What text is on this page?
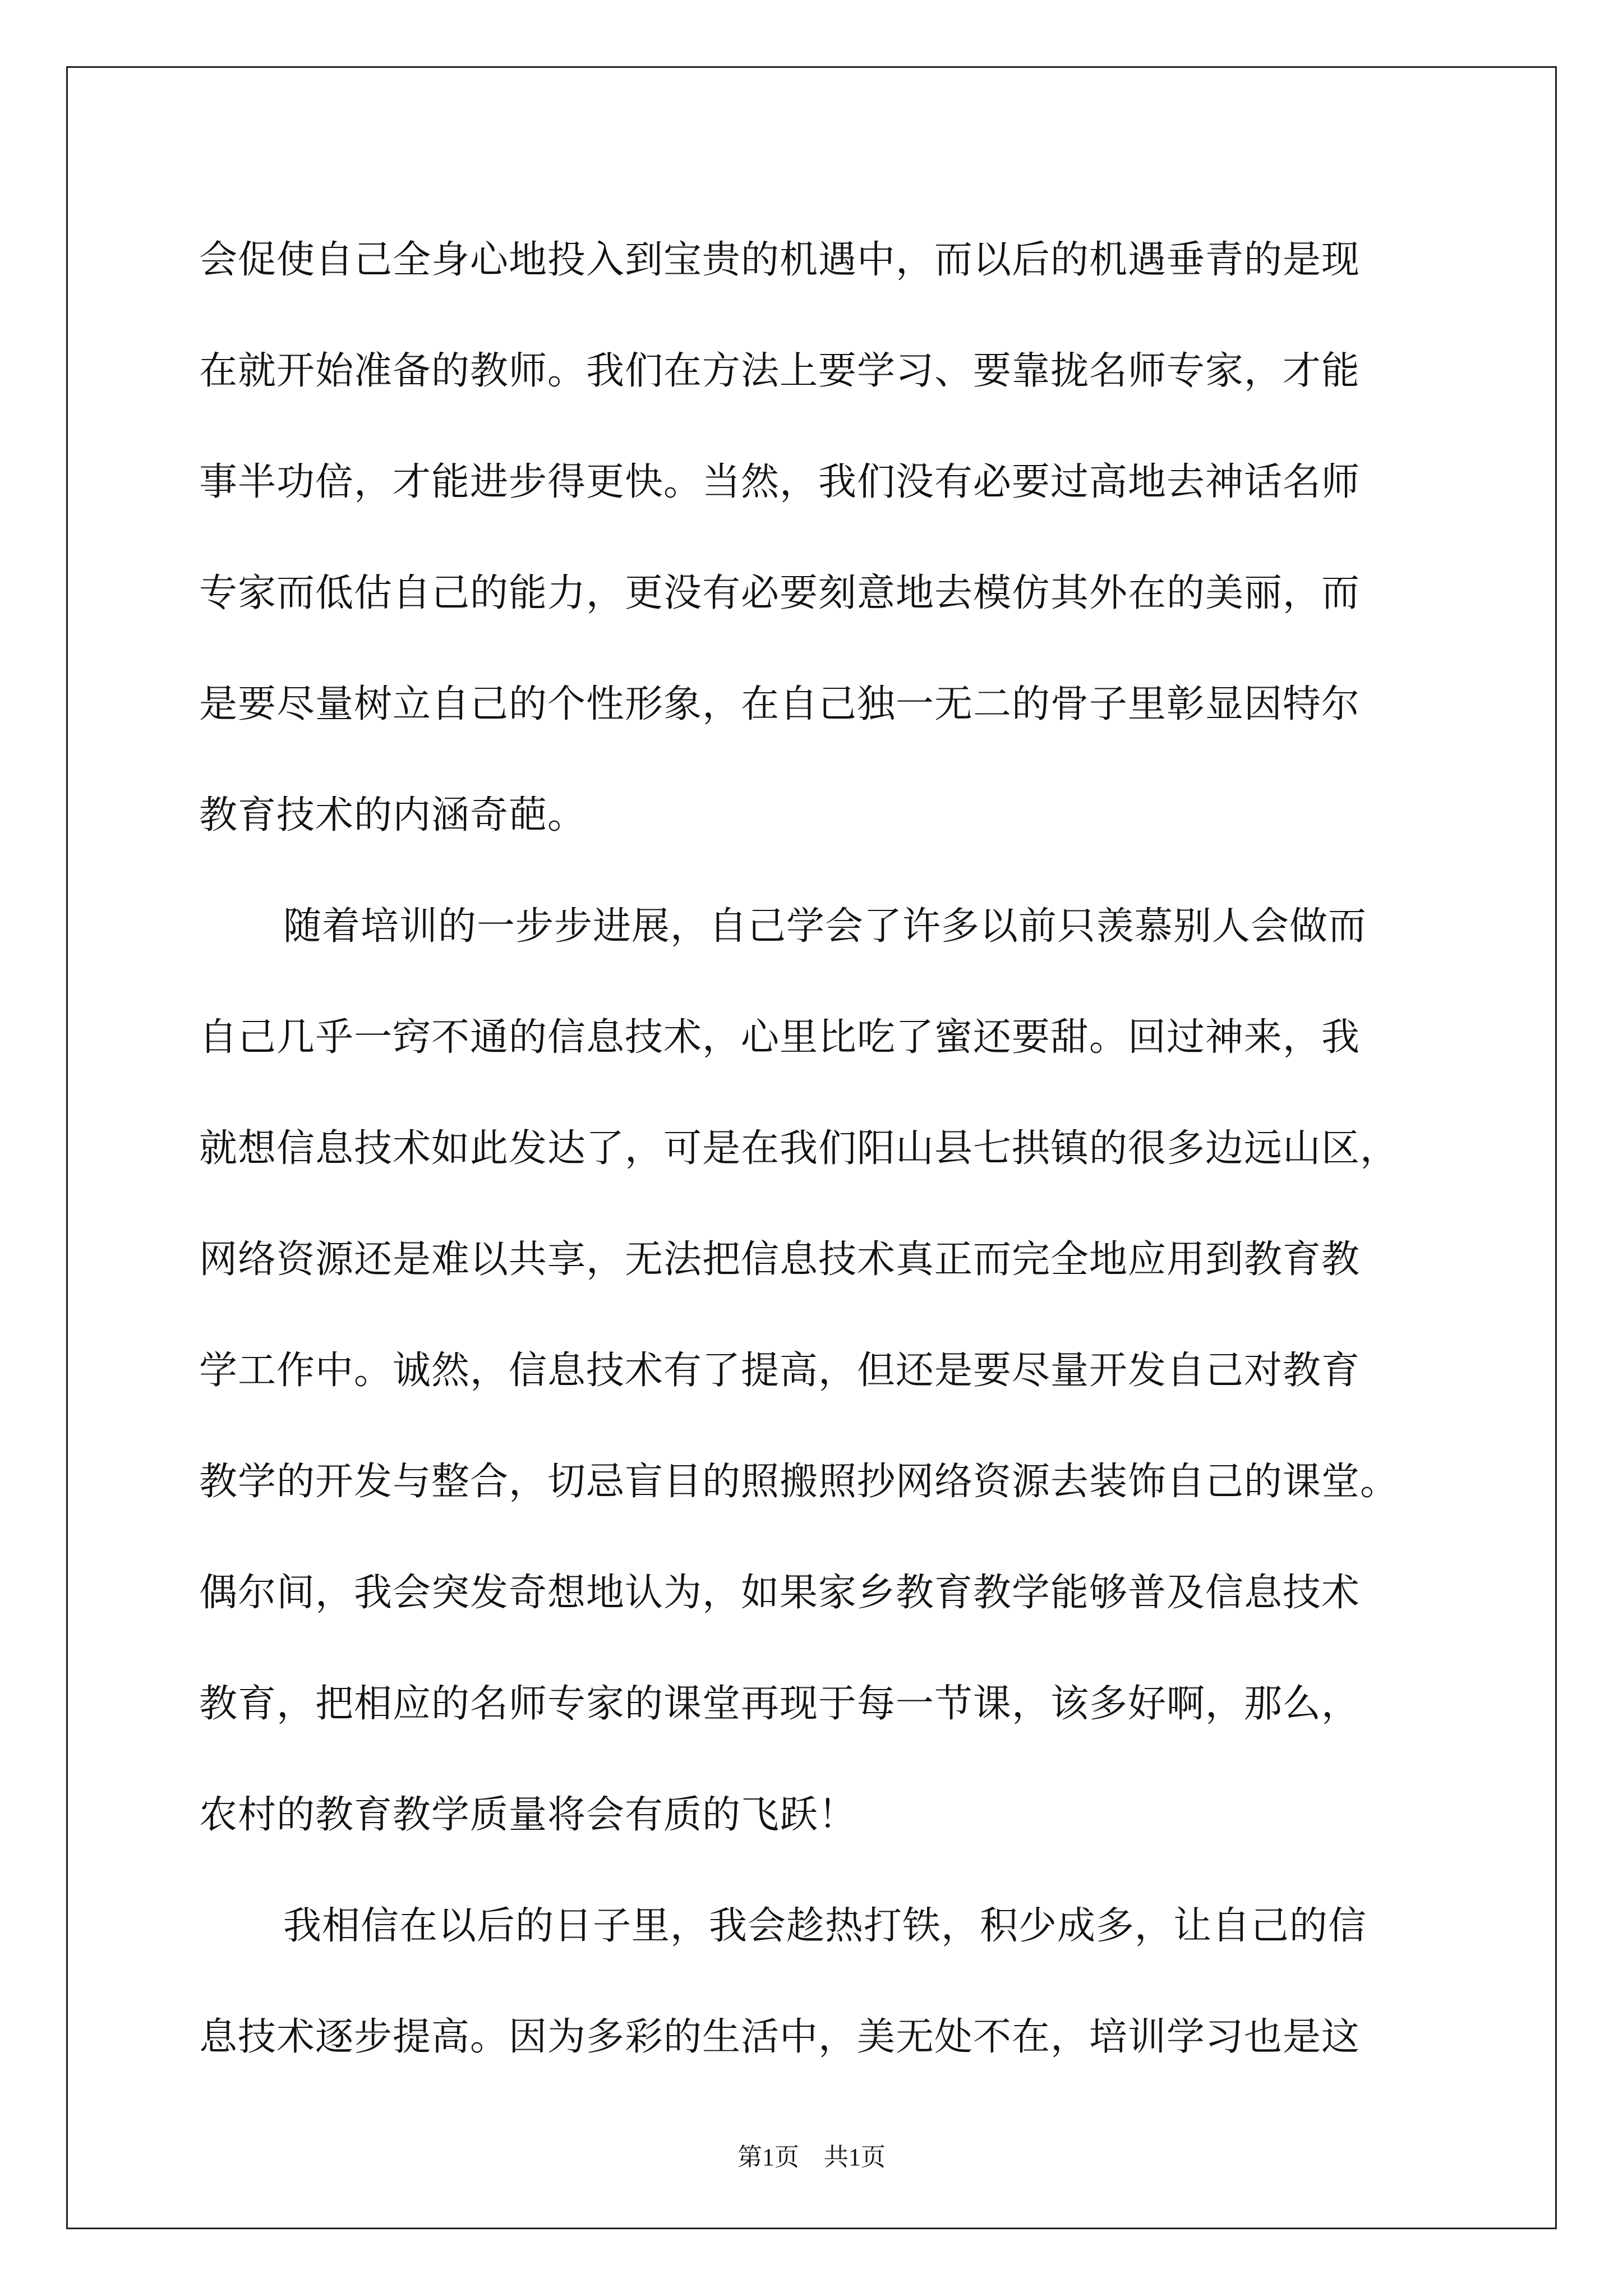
会促使自己全身心地投入到宝贵的机遇中，而以后的机遇垂青的是现
在就开始准备的教师。我们在方法上要学习、要靠拢名师专家，才能
事半功倍，才能进步得更快。当然，我们没有必要过高地去神话名师
专家而低估自己的能力，更没有必要刻意地去模仿其外在的美丽，而
是要尽量树立自己的个性形象，在自己独一无二的骨子里彰显因特尔
教育技术的内涵奇葩。
随着培训的一步步进展，自己学会了许多以前只羡慕别人会做而
自己几乎一窍不通的信息技术，心里比吃了蜜还要甜。回过神来，我
就想信息技术如此发达了，可是在我们阳山县七拱镇的很多边远山区，
网络资源还是难以共享，无法把信息技术真正而完全地应用到教育教
学工作中。诚然，信息技术有了提高，但还是要尽量开发自己对教育
教学的开发与整合，切忌盲目的照搬照抄网络资源去装饰自己的课堂。
偶尔间，我会突发奇想地认为，如果家乡教育教学能够普及信息技术
教育，把相应的名师专家的课堂再现于每一节课，该多好啊，那么，
农村的教育教学质量将会有质的飞跃！
我相信在以后的日子里，我会趁热打铁，积少成多，让自己的信
息技术逐步提高。因为多彩的生活中，美无处不在，培训学习也是这
第1页　共1页
